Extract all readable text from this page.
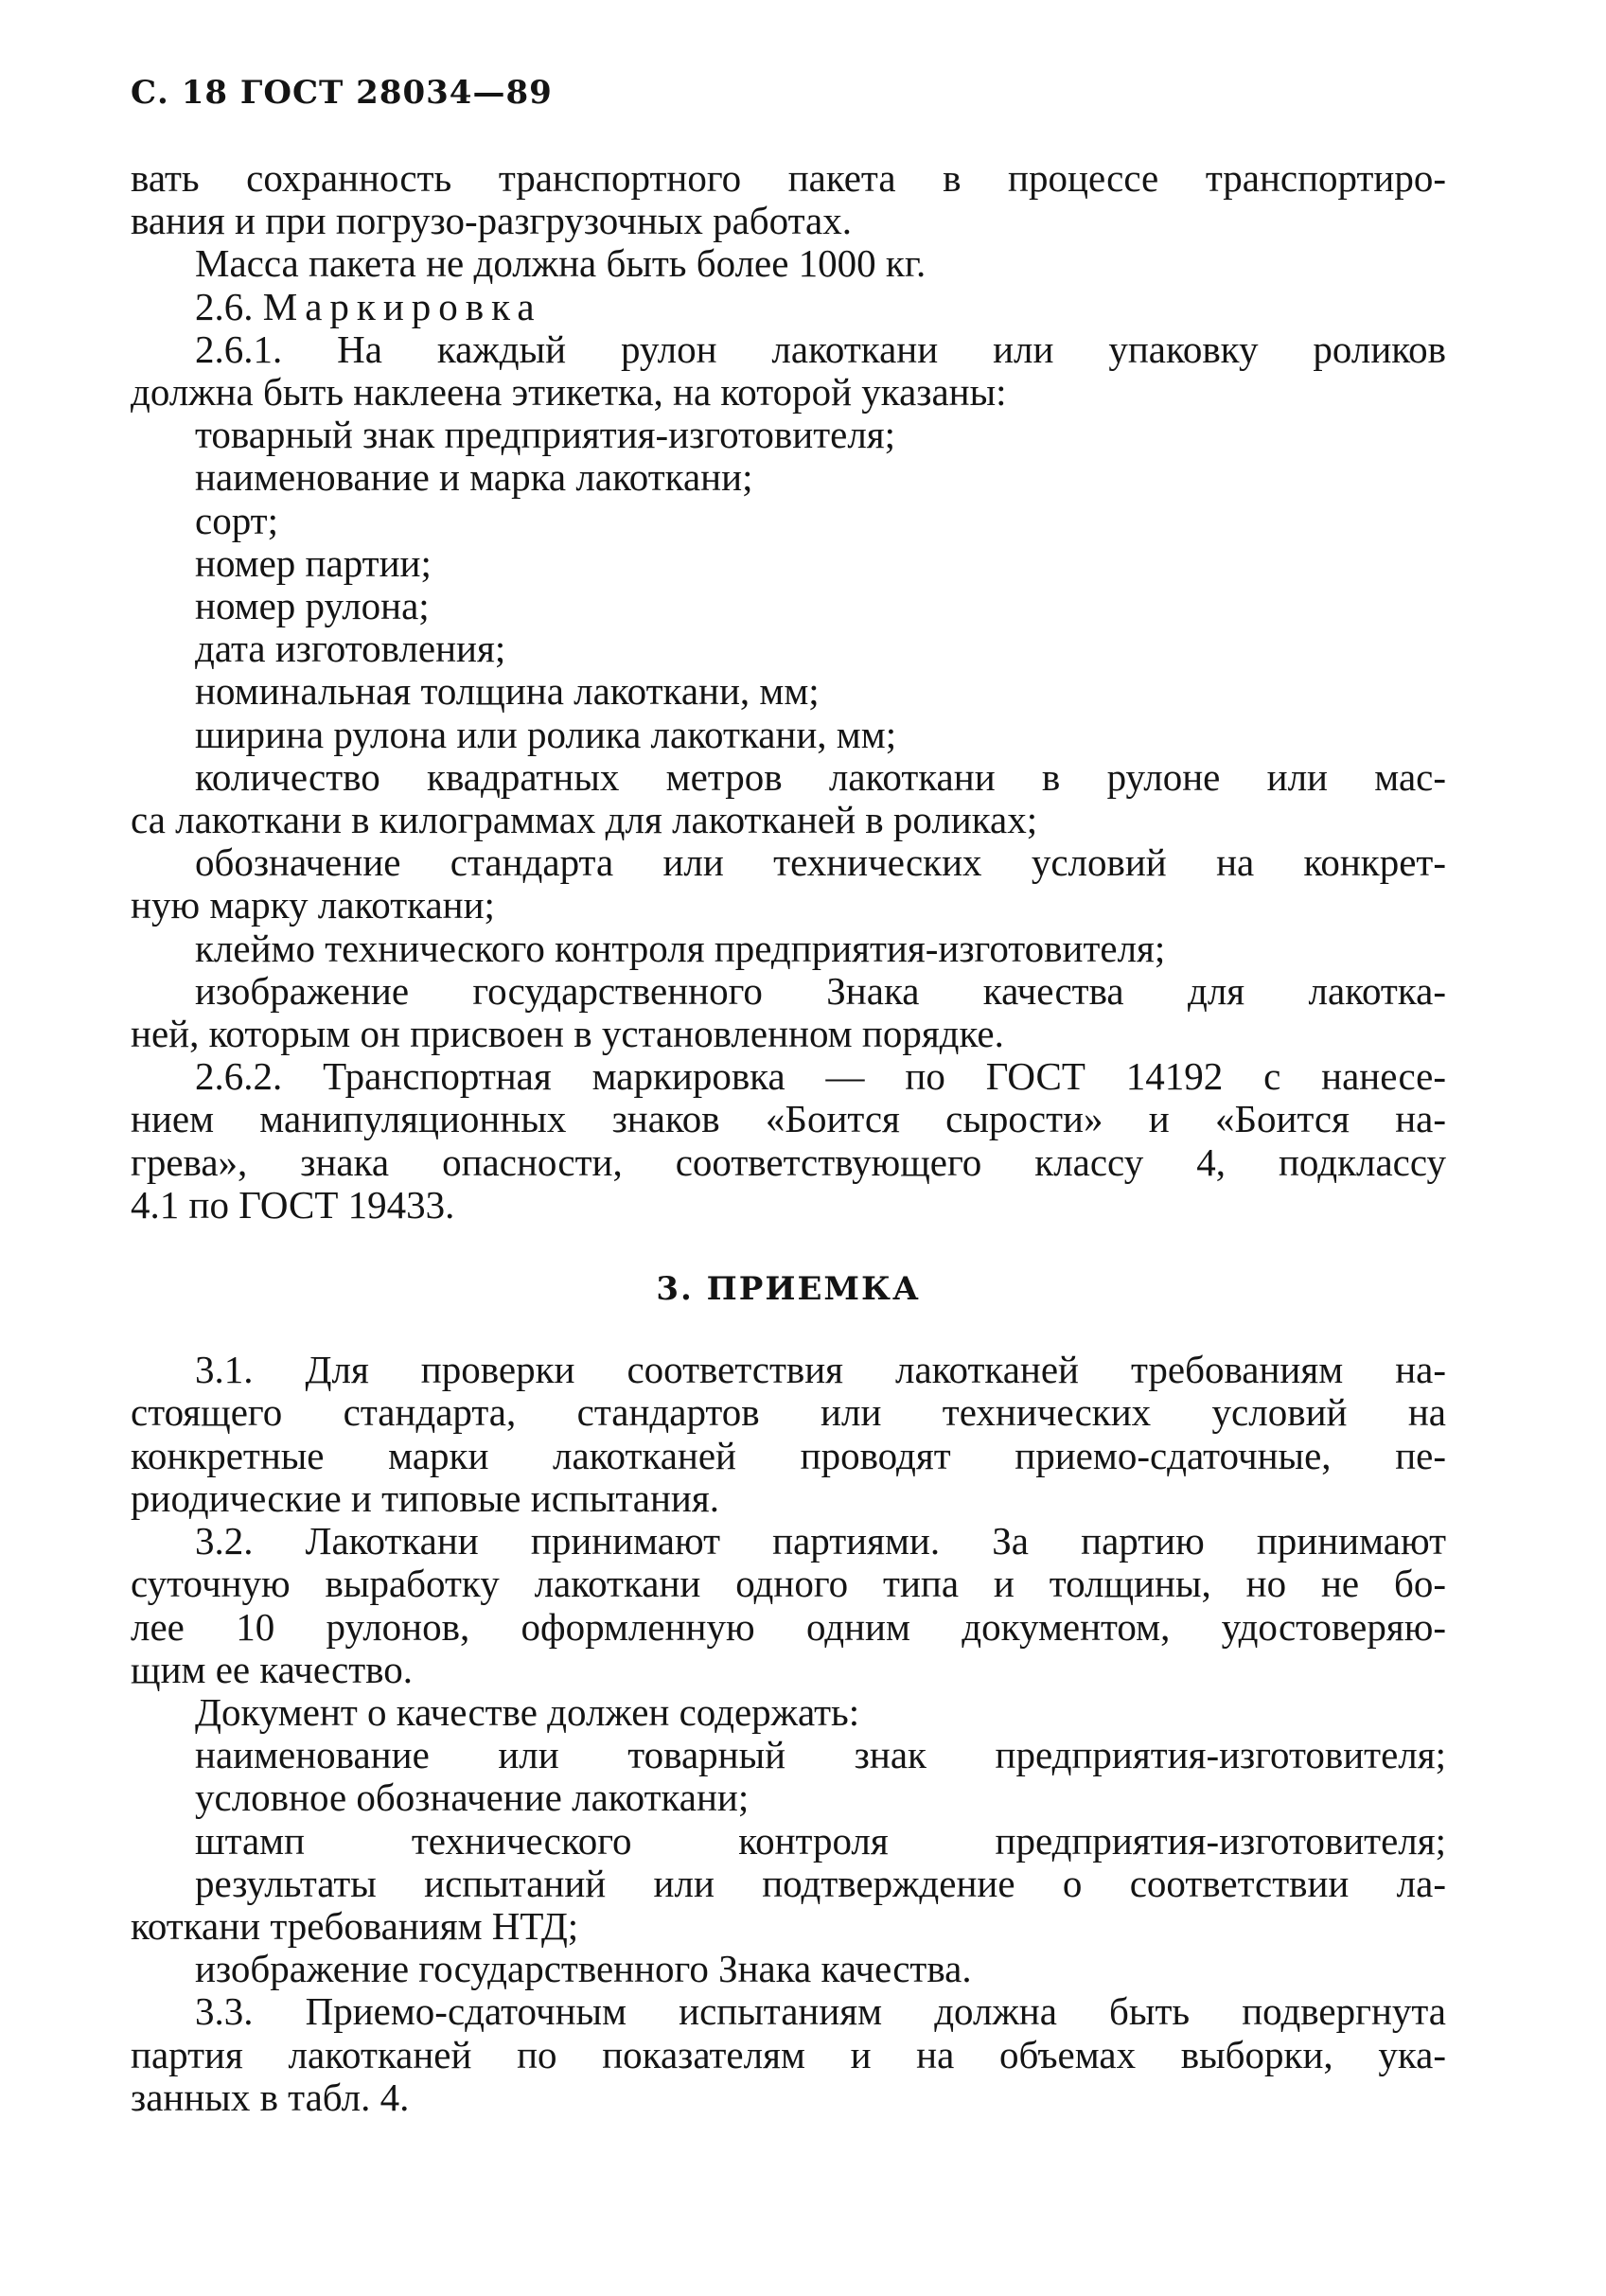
С. 18 ГОСТ 28034—89
вать сохранность транспортного пакета в процессе транспортиро-
вания и при погрузо-разгрузочных работах.
Масса пакета не должна быть более 1000 кг.
2.6. Маркировка
2.6.1. На каждый рулон лакоткани или упаковку роликов
должна быть наклеена этикетка, на которой указаны:
товарный знак предприятия-изготовителя;
наименование и марка лакоткани;
сорт;
номер партии;
номер рулона;
дата изготовления;
номинальная толщина лакоткани, мм;
ширина рулона или ролика лакоткани, мм;
количество квадратных метров лакоткани в рулоне или мас-
са лакоткани в килограммах для лакотканей в роликах;
обозначение стандарта или технических условий на конкрет-
ную марку лакоткани;
клеймо технического контроля предприятия-изготовителя;
изображение государственного Знака качества для лакотка-
ней, которым он присвоен в установленном порядке.
2.6.2. Транспортная маркировка — по ГОСТ 14192 с нанесе-
нием манипуляционных знаков «Боится сырости» и «Боится на-
грева», знака опасности, соответствующего классу 4, подклассу
4.1 по ГОСТ 19433.
3. ПРИЕМКА
3.1. Для проверки соответствия лакотканей требованиям на-
стоящего стандарта, стандартов или технических условий на
конкретные марки лакотканей проводят приемо-сдаточные, пе-
риодические и типовые испытания.
3.2. Лакоткани принимают партиями. За партию принимают
суточную выработку лакоткани одного типа и толщины, но не бо-
лее 10 рулонов, оформленную одним документом, удостоверяю-
щим ее качество.
Документ о качестве должен содержать:
наименование или товарный знак предприятия-изготовителя;
условное обозначение лакоткани;
штамп технического контроля предприятия-изготовителя;
результаты испытаний или подтверждение о соответствии ла-
коткани требованиям НТД;
изображение государственного Знака качества.
3.3. Приемо-сдаточным испытаниям должна быть подвергнута
партия лакотканей по показателям и на объемах выборки, ука-
занных в табл. 4.
